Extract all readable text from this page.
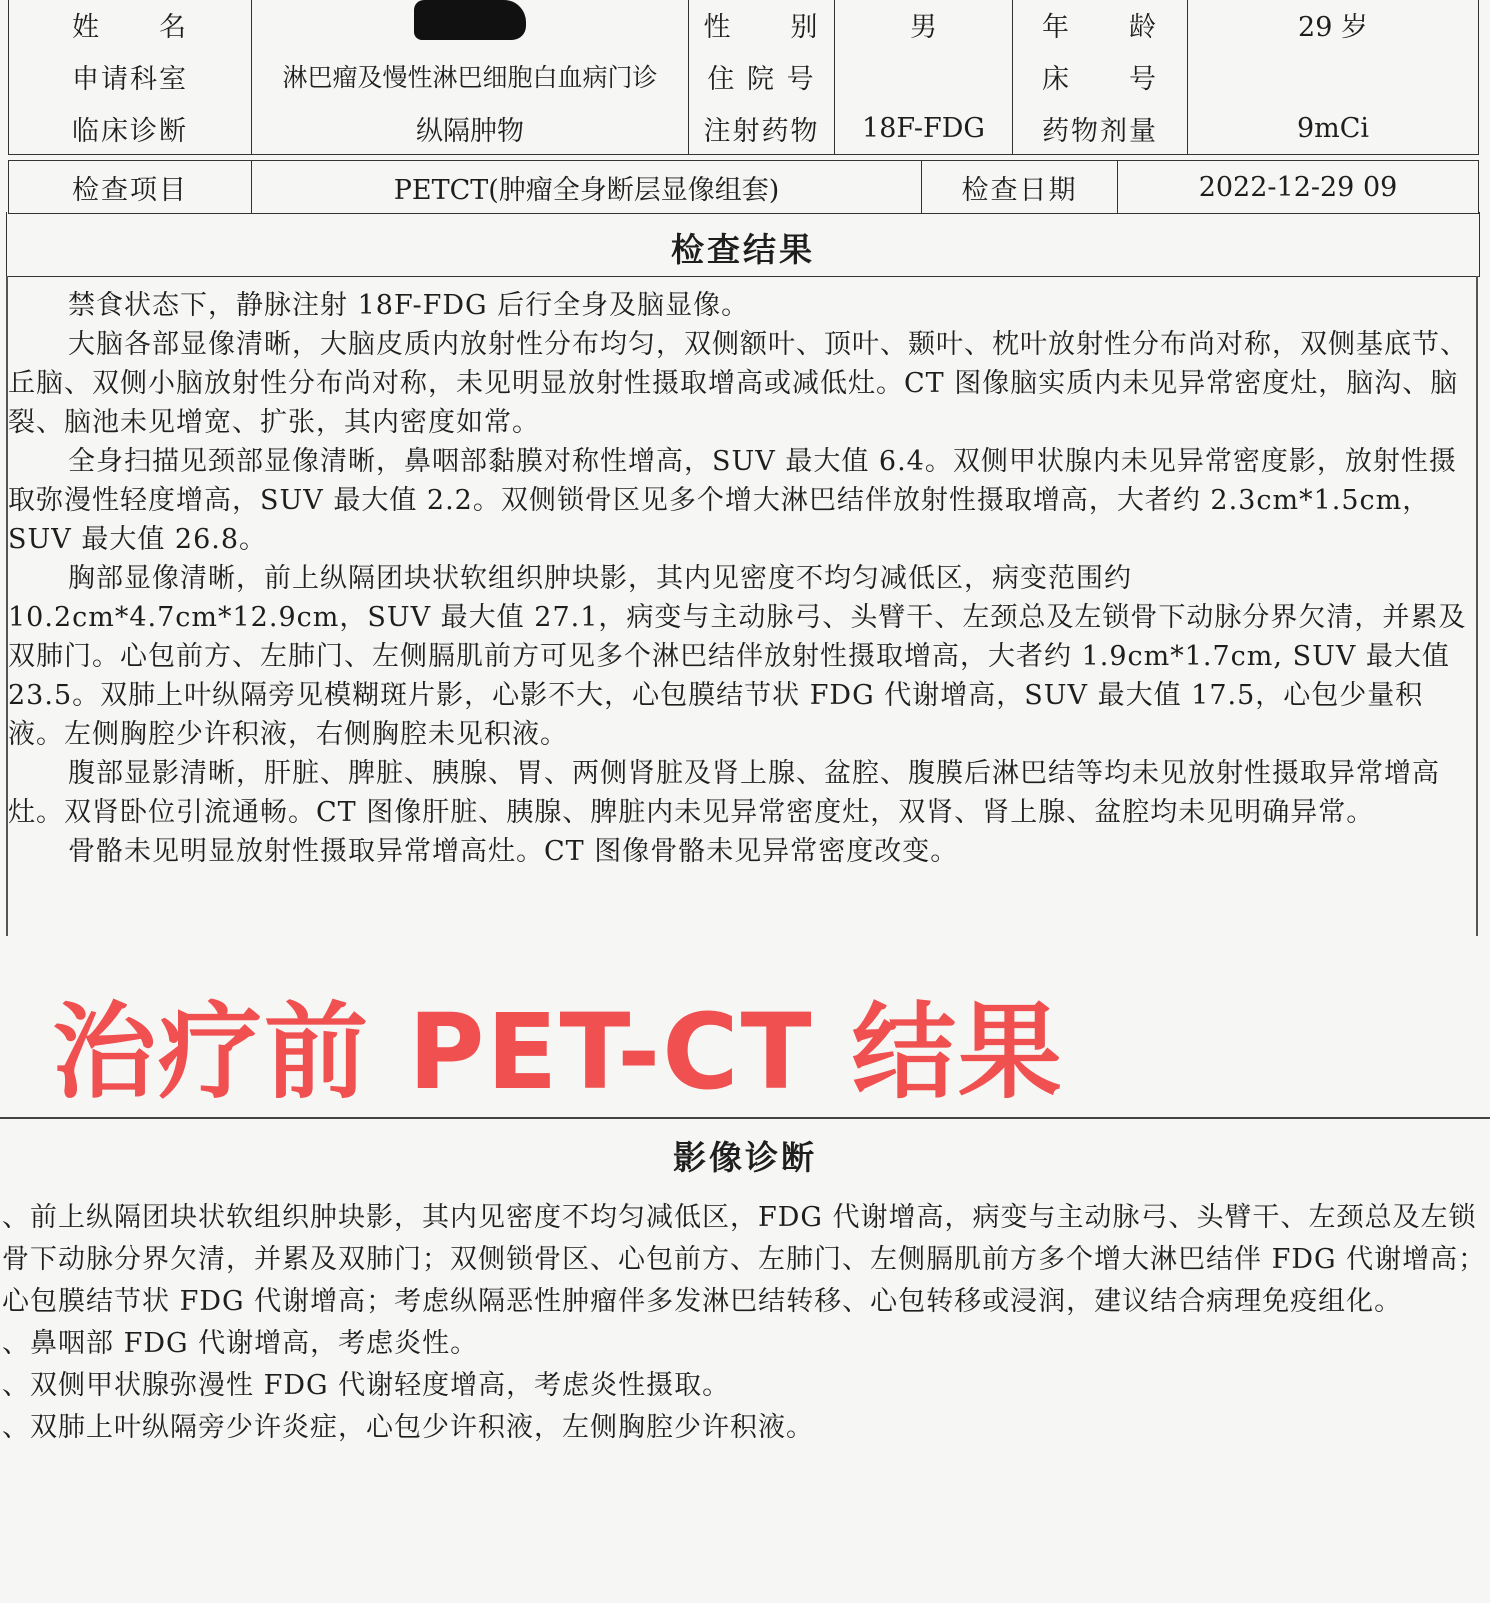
姓　　名		性　　别	男	年　　龄	29 岁
申请科室	淋巴瘤及慢性淋巴细胞白血病门诊	住 院 号		床　　号	
临床诊断	纵隔肿物	注射药物	18F-FDG	药物剂量	9mCi
检查项目	PETCT(肿瘤全身断层显像组套)	检查日期	2022-12-29 09
检查结果

禁食状态下，静脉注射 18F-FDG 后行全身及脑显像。

大脑各部显像清晰，大脑皮质内放射性分布均匀，双侧额叶、顶叶、颞叶、枕叶放射性分布尚对称，双侧基底节、丘脑、双侧小脑放射性分布尚对称，未见明显放射性摄取增高或减低灶。CT 图像脑实质内未见异常密度灶，脑沟、脑裂、脑池未见增宽、扩张，其内密度如常。

全身扫描见颈部显像清晰，鼻咽部黏膜对称性增高，SUV 最大值 6.4。双侧甲状腺内未见异常密度影，放射性摄取弥漫性轻度增高，SUV 最大值 2.2。双侧锁骨区见多个增大淋巴结伴放射性摄取增高，大者约 2.3cm*1.5cm，SUV 最大值 26.8。

胸部显像清晰，前上纵隔团块状软组织肿块影，其内见密度不均匀减低区，病变范围约 10.2cm*4.7cm*12.9cm，SUV 最大值 27.1，病变与主动脉弓、头臂干、左颈总及左锁骨下动脉分界欠清，并累及双肺门。心包前方、左肺门、左侧膈肌前方可见多个淋巴结伴放射性摄取增高，大者约 1.9cm*1.7cm, SUV 最大值 23.5。双肺上叶纵隔旁见模糊斑片影，心影不大，心包膜结节状 FDG 代谢增高，SUV 最大值 17.5，心包少量积液。左侧胸腔少许积液，右侧胸腔未见积液。

腹部显影清晰，肝脏、脾脏、胰腺、胃、两侧肾脏及肾上腺、盆腔、腹膜后淋巴结等均未见放射性摄取异常增高灶。双肾卧位引流通畅。CT 图像肝脏、胰腺、脾脏内未见异常密度灶，双肾、肾上腺、盆腔均未见明确异常。

骨骼未见明显放射性摄取异常增高灶。CT 图像骨骼未见异常密度改变。

治疗前 PET-CT 结果
影像诊断

、前上纵隔团块状软组织肿块影，其内见密度不均匀减低区，FDG 代谢增高，病变与主动脉弓、头臂干、左颈总及左锁骨下动脉分界欠清，并累及双肺门；双侧锁骨区、心包前方、左肺门、左侧膈肌前方多个增大淋巴结伴 FDG 代谢增高；心包膜结节状 FDG 代谢增高；考虑纵隔恶性肿瘤伴多发淋巴结转移、心包转移或浸润，建议结合病理免疫组化。

、鼻咽部 FDG 代谢增高，考虑炎性。

、双侧甲状腺弥漫性 FDG 代谢轻度增高，考虑炎性摄取。

、双肺上叶纵隔旁少许炎症，心包少许积液，左侧胸腔少许积液。
